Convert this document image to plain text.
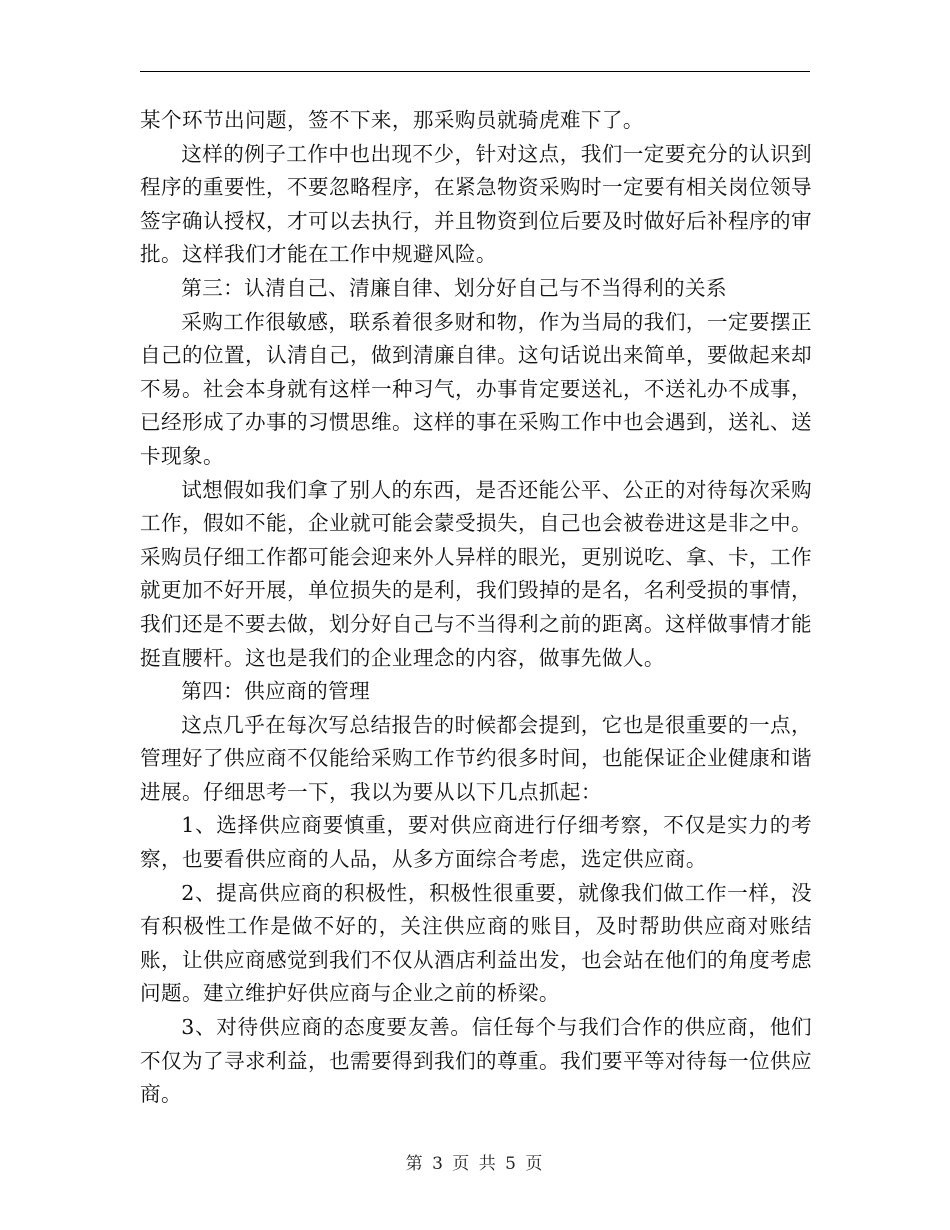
某个环节出问题，签不下来，那采购员就骑虎难下了。

这样的例子工作中也出现不少，针对这点，我们一定要充分的认识到程序的重要性，不要忽略程序，在紧急物资采购时一定要有相关岗位领导签字确认授权，才可以去执行，并且物资到位后要及时做好后补程序的审批。这样我们才能在工作中规避风险。

第三：认清自己、清廉自律、划分好自己与不当得利的关系

采购工作很敏感，联系着很多财和物，作为当局的我们，一定要摆正自己的位置，认清自己，做到清廉自律。这句话说出来简单，要做起来却不易。社会本身就有这样一种习气，办事肯定要送礼，不送礼办不成事，已经形成了办事的习惯思维。这样的事在采购工作中也会遇到，送礼、送卡现象。

试想假如我们拿了别人的东西，是否还能公平、公正的对待每次采购工作，假如不能，企业就可能会蒙受损失，自己也会被卷进这是非之中。采购员仔细工作都可能会迎来外人异样的眼光，更别说吃、拿、卡，工作就更加不好开展，单位损失的是利，我们毁掉的是名，名利受损的事情，我们还是不要去做，划分好自己与不当得利之前的距离。这样做事情才能挺直腰杆。这也是我们的企业理念的内容，做事先做人。

第四：供应商的管理

这点几乎在每次写总结报告的时候都会提到，它也是很重要的一点，管理好了供应商不仅能给采购工作节约很多时间，也能保证企业健康和谐进展。仔细思考一下，我以为要从以下几点抓起：

1、选择供应商要慎重，要对供应商进行仔细考察，不仅是实力的考察，也要看供应商的人品，从多方面综合考虑，选定供应商。

2、提高供应商的积极性，积极性很重要，就像我们做工作一样，没有积极性工作是做不好的，关注供应商的账目，及时帮助供应商对账结账，让供应商感觉到我们不仅从酒店利益出发，也会站在他们的角度考虑问题。建立维护好供应商与企业之前的桥梁。

3、对待供应商的态度要友善。信任每个与我们合作的供应商，他们不仅为了寻求利益，也需要得到我们的尊重。我们要平等对待每一位供应商。

第 3 页 共 5 页
